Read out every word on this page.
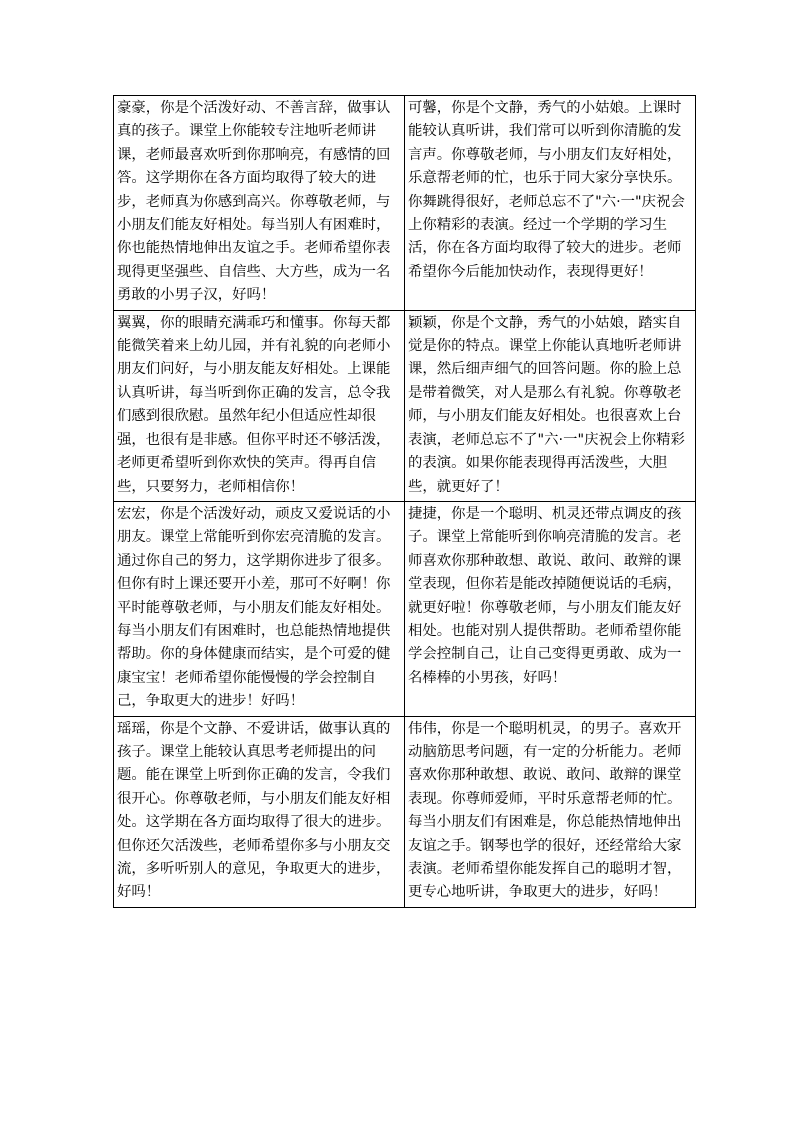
豪豪，你是个活泼好动、不善言辞，做事认真的孩子。课堂上你能较专注地听老师讲课，老师最喜欢听到你那响亮，有感情的回答。这学期你在各方面均取得了较大的进步，老师真为你感到高兴。你尊敬老师，与小朋友们能友好相处。每当别人有困难时，你也能热情地伸出友谊之手。老师希望你表现得更坚强些、自信些、大方些，成为一名勇敢的小男子汉，好吗！	可馨，你是个文静，秀气的小姑娘。上课时能较认真听讲，我们常可以听到你清脆的发言声。你尊敬老师，与小朋友们友好相处，乐意帮老师的忙，也乐于同大家分享快乐。你舞跳得很好，老师总忘不了"六·一"庆祝会上你精彩的表演。经过一个学期的学习生活，你在各方面均取得了较大的进步。老师希望你今后能加快动作，表现得更好！
翼翼，你的眼睛充满乖巧和懂事。你每天都能微笑着来上幼儿园，并有礼貌的向老师小朋友们问好，与小朋友能友好相处。上课能认真听讲，每当听到你正确的发言，总令我们感到很欣慰。虽然年纪小但适应性却很强，也很有是非感。但你平时还不够活泼，老师更希望听到你欢快的笑声。得再自信些，只要努力，老师相信你！	颖颖，你是个文静，秀气的小姑娘，踏实自觉是你的特点。课堂上你能认真地听老师讲课，然后细声细气的回答问题。你的脸上总是带着微笑，对人是那么有礼貌。你尊敬老师，与小朋友们能友好相处。也很喜欢上台表演，老师总忘不了"六·一"庆祝会上你精彩的表演。如果你能表现得再活泼些，大胆些，就更好了！
宏宏，你是个活泼好动，顽皮又爱说话的小朋友。课堂上常能听到你宏亮清脆的发言。通过你自己的努力，这学期你进步了很多。但你有时上课还要开小差，那可不好啊！你平时能尊敬老师，与小朋友们能友好相处。每当小朋友们有困难时，也总能热情地提供帮助。你的身体健康而结实，是个可爱的健康宝宝！老师希望你能慢慢的学会控制自己，争取更大的进步！好吗！	捷捷，你是一个聪明、机灵还带点调皮的孩子。课堂上常能听到你响亮清脆的发言。老师喜欢你那种敢想、敢说、敢问、敢辩的课堂表现，但你若是能改掉随便说话的毛病，就更好啦！你尊敬老师，与小朋友们能友好相处。也能对别人提供帮助。老师希望你能学会控制自己，让自己变得更勇敢、成为一名棒棒的小男孩，好吗！
瑶瑶，你是个文静、不爱讲话，做事认真的孩子。课堂上能较认真思考老师提出的问题。能在课堂上听到你正确的发言，令我们很开心。你尊敬老师，与小朋友们能友好相处。这学期在各方面均取得了很大的进步。但你还欠活泼些，老师希望你多与小朋友交流，多听听别人的意见，争取更大的进步，好吗！	伟伟，你是一个聪明机灵，的男子。喜欢开动脑筋思考问题，有一定的分析能力。老师喜欢你那种敢想、敢说、敢问、敢辩的课堂表现。你尊师爱师，平时乐意帮老师的忙。每当小朋友们有困难是，你总能热情地伸出友谊之手。钢琴也学的很好，还经常给大家表演。老师希望你能发挥自己的聪明才智，更专心地听讲，争取更大的进步，好吗！
